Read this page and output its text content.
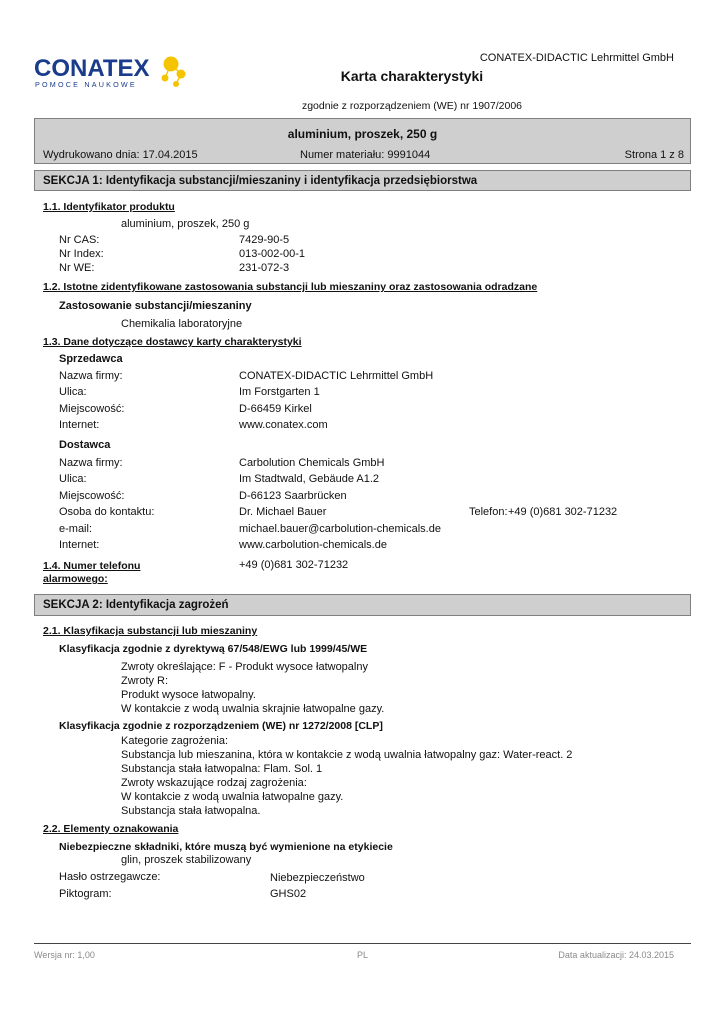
CONATEX
POMOCE NAUKOWE
CONATEX-DIDACTIC Lehrmittel GmbH
Karta charakterystyki
zgodnie z rozporządzeniem (WE) nr 1907/2006
aluminium, proszek, 250 g
Wydrukowano dnia: 17.04.2015	Numer materiału: 9991044	Strona 1 z 8
SEKCJA 1: Identyfikacja substancji/mieszaniny i identyfikacja przedsiębiorstwa
1.1. Identyfikator produktu
aluminium, proszek, 250 g
Nr CAS:	7429-90-5
Nr Index:	013-002-00-1
Nr WE:	231-072-3
1.2. Istotne zidentyfikowane zastosowania substancji lub mieszaniny oraz zastosowania odradzane
Zastosowanie substancji/mieszaniny
Chemikalia laboratoryjne
1.3. Dane dotyczące dostawcy karty charakterystyki
Sprzedawca
Nazwa firmy:	CONATEX-DIDACTIC Lehrmittel GmbH
Ulica:	Im Forstgarten 1
Miejscowość:	D-66459 Kirkel
Internet:	www.conatex.com
Dostawca
Nazwa firmy:	Carbolution Chemicals GmbH
Ulica:	Im Stadtwald, Gebäude A1.2
Miejscowość:	D-66123 Saarbrücken
Osoba do kontaktu:	Dr. Michael Bauer	Telefon: +49 (0)681 302-71232
e-mail:	michael.bauer@carbolution-chemicals.de
Internet:	www.carbolution-chemicals.de
1.4. Numer telefonu
alarmowego:
+49 (0)681 302-71232
SEKCJA 2: Identyfikacja zagrożeń
2.1. Klasyfikacja substancji lub mieszaniny
Klasyfikacja zgodnie z dyrektywą 67/548/EWG lub 1999/45/WE
Zwroty określające: F - Produkt wysoce łatwopalny
Zwroty R:
Produkt wysoce łatwopalny.
W kontakcie z wodą uwalnia skrajnie łatwopalne gazy.
Klasyfikacja zgodnie z rozporządzeniem (WE) nr 1272/2008 [CLP]
Kategorie zagrożenia:
Substancja lub mieszanina, która w kontakcie z wodą uwalnia łatwopalny gaz: Water-react. 2
Substancja stała łatwopalna: Flam. Sol. 1
Zwroty wskazujące rodzaj zagrożenia:
W kontakcie z wodą uwalnia łatwopalne gazy.
Substancja stała łatwopalna.
2.2. Elementy oznakowania
Niebezpieczne składniki, które muszą być wymienione na etykiecie
glin, proszek stabilizowany
Hasło ostrzegawcze:	Niebezpieczeństwo
Piktogram:	GHS02
Wersja nr: 1,00	PL	Data aktualizacji: 24.03.2015
